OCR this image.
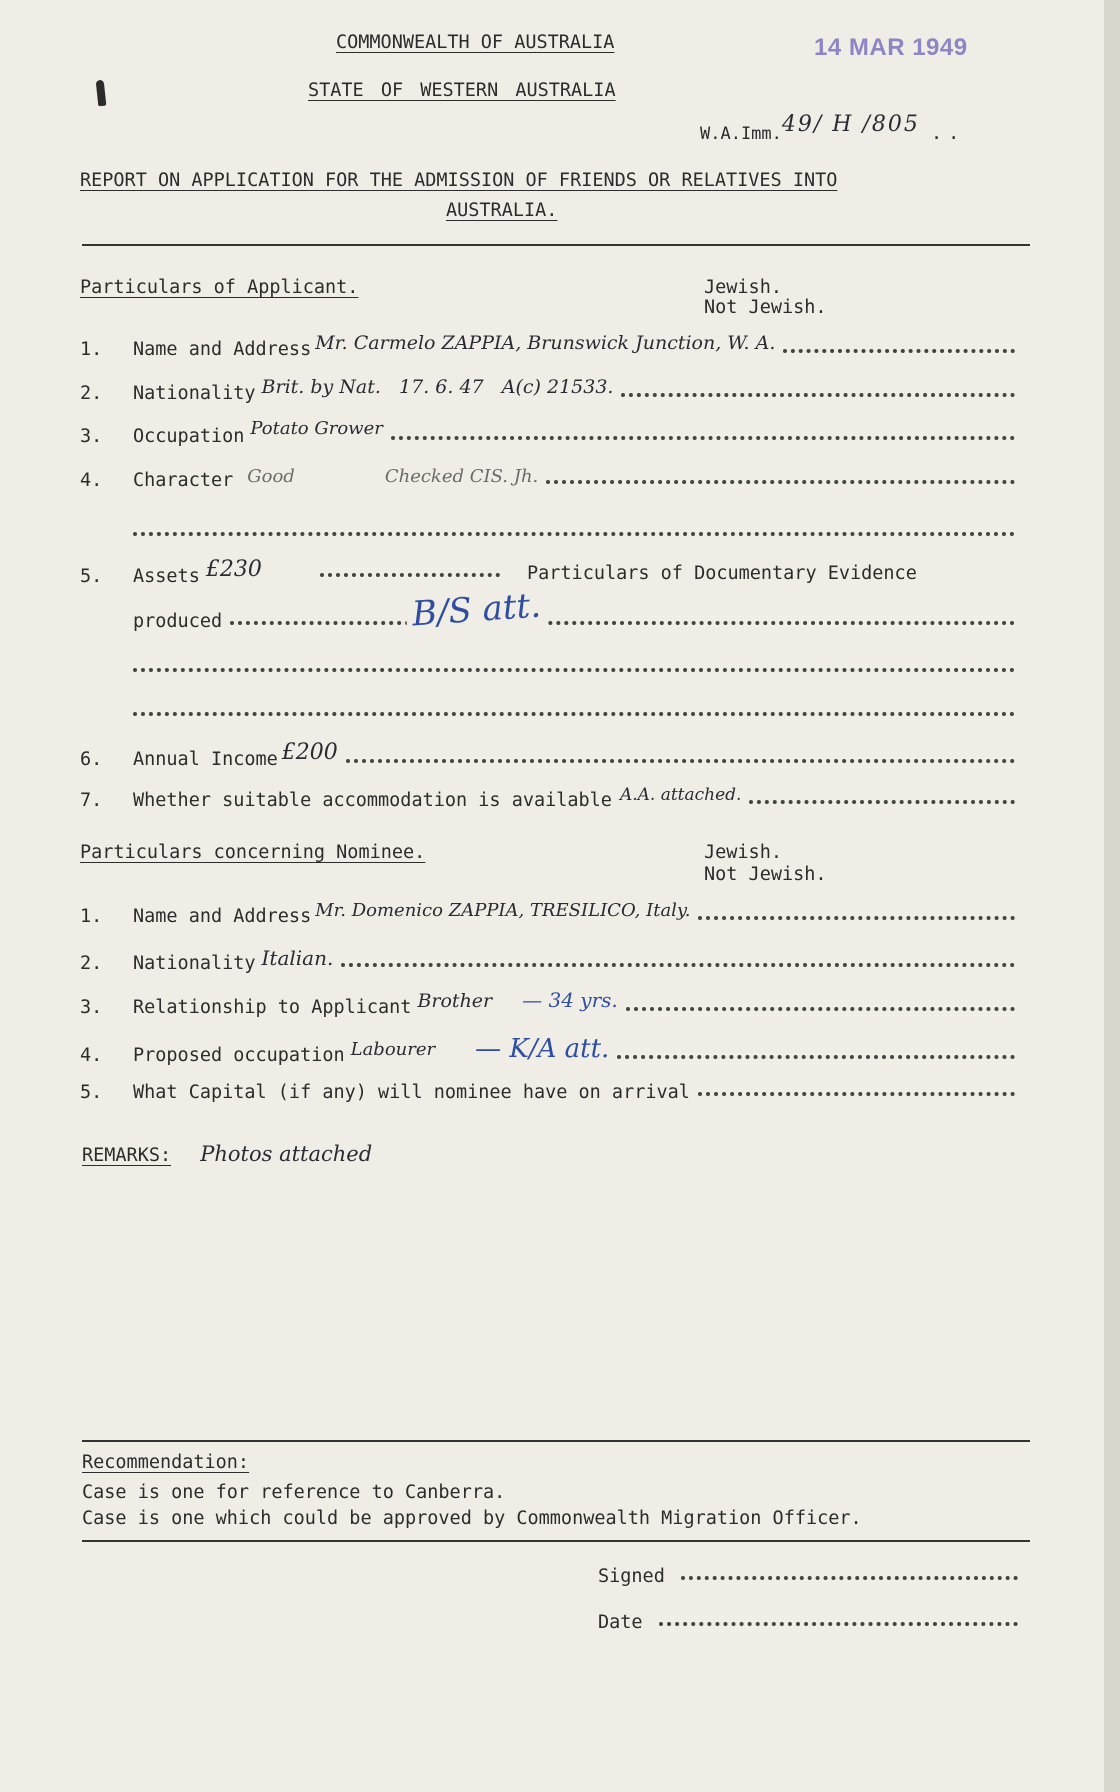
COMMONWEALTH OF AUSTRALIA	14 MAR 1949
STATE OF WESTERN AUSTRALIA
W.A.Imm.49/ H /805 ..
REPORT ON APPLICATION FOR THE ADMISSION OF FRIENDS OR RELATIVES INTO
AUSTRALIA.
Particulars of Applicant.	Jewish.
Not Jewish.
1.	Name and Address Mr. Carmelo ZAPPIA, Brunswick Junction, W. A.
2.	Nationality Brit. by Nat.   17. 6. 47   A(c) 21533.
3.	Occupation Potato Grower
4.	Character Good	Checked CIS. Jh.
5.	Assets £230	Particulars of Documentary Evidence
produced	B/S att.
6.	Annual Income £200
7.	Whether suitable accommodation is available A.A. attached.
Particulars concerning Nominee.	Jewish.
Not Jewish.
1.	Name and Address Mr. Domenico ZAPPIA, TRESILICO, Italy.
2.	Nationality Italian.
3.	Relationship to Applicant Brother — 34 yrs.
4.	Proposed occupation Labourer — K/A att.
5.	What Capital (if any) will nominee have on arrival
REMARKS: Photos attached
Recommendation:
Case is one for reference to Canberra.
Case is one which could be approved by Commonwealth Migration Officer.
Signed
Date
